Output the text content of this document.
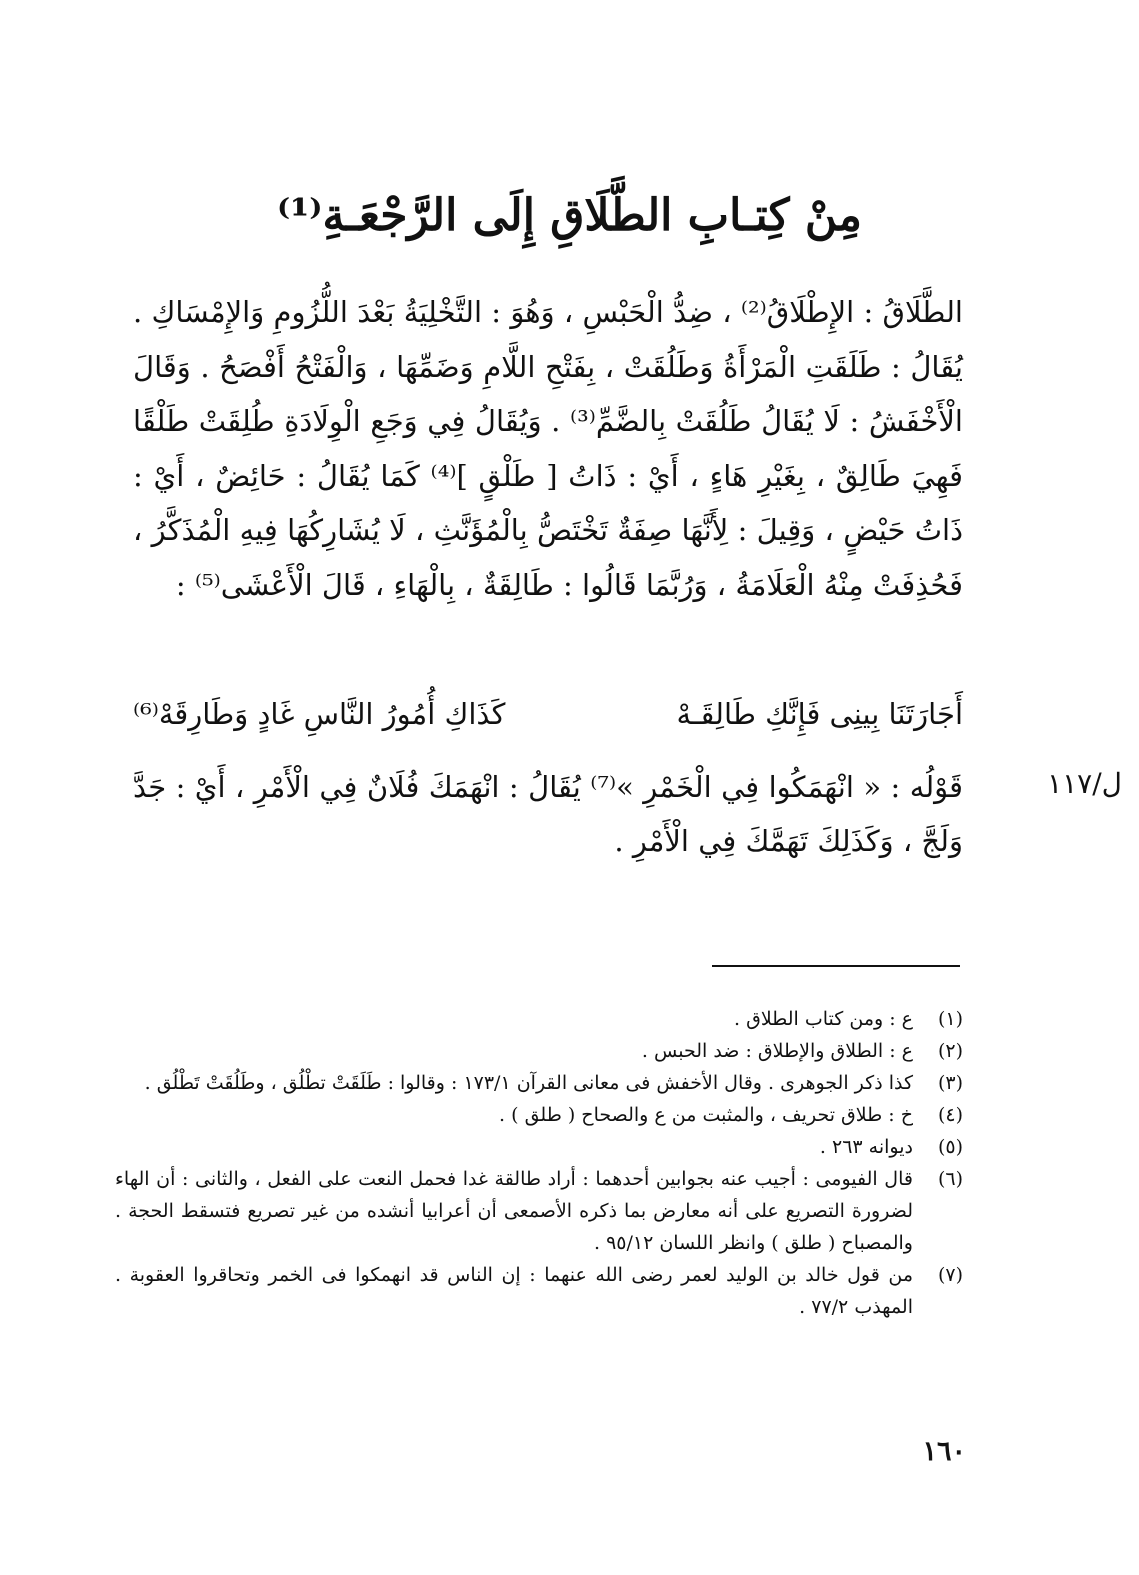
مِنْ كِتـابِ الطَّلَاقِ إِلَى الرَّجْعَـةِ⁽¹⁾

الطَّلَاقُ : الإِطْلَاقُ⁽²⁾ ، ضِدُّ الْحَبْسِ ، وَهُوَ : التَّخْلِيَةُ بَعْدَ اللُّزُومِ وَالإِمْسَاكِ . يُقَالُ : طَلَقَتِ الْمَرْأَةُ وَطَلُقَتْ ، بِفَتْحِ اللَّامِ وَضَمِّهَا ، وَالْفَتْحُ أَفْصَحُ . وَقَالَ الْأَخْفَشُ : لَا يُقَالُ طَلُقَتْ بِالضَّمِّ⁽³⁾ . وَيُقَالُ فِي وَجَعِ الْوِلَادَةِ طُلِقَتْ طَلْقًا فَهِيَ طَالِقٌ ، بِغَيْرِ هَاءٍ ، أَيْ : ذَاتُ [ طَلْقٍ ]⁽⁴⁾ كَمَا يُقَالُ : حَائِضٌ ، أَيْ : ذَاتُ حَيْضٍ ، وَقِيلَ : لِأَنَّهَا صِفَةٌ تَخْتَصُّ بِالْمُؤَنَّثِ ، لَا يُشَارِكُهَا فِيهِ الْمُذَكَّرُ ، فَحُذِفَتْ مِنْهُ الْعَلَامَةُ ، وَرُبَّمَا قَالُوا : طَالِقَةٌ ، بِالْهَاءِ ، قَالَ الْأَعْشَى⁽⁵⁾ :

أَجَارَتَنَا بِينِى فَإِنَّكِ طَالِقَـهْ
كَذَاكِ أُمُورُ النَّاسِ غَادٍ وَطَارِقَهْ⁽⁶⁾
ل/١١٧

قَوْلُه : « انْهَمَكُوا فِي الْخَمْرِ »⁽⁷⁾ يُقَالُ : انْهَمَكَ فُلَانٌ فِي الْأَمْرِ ، أَيْ : جَدَّ وَلَجَّ ، وَكَذَلِكَ تَهَمَّكَ فِي الْأَمْرِ .

(١)
ع : ومن كتاب الطلاق .
(٢)
ع : الطلاق والإطلاق : ضد الحبس .
(٣)
كذا ذكر الجوهرى . وقال الأخفش فى معانى القرآن ١٧٣/١ : وقالوا : طَلَقَتْ تطْلُق ، وطَلُقَتْ تَطْلُق .
(٤)
خ : طلاق تحريف ، والمثبت من ع والصحاح ( طلق ) .
(٥)
ديوانه ٢٦٣ .
(٦)
قال الفيومى : أجيب عنه بجوابين أحدهما : أراد طالقة غدا فحمل النعت على الفعل ، والثانى : أن الهاء لضرورة التصريع على أنه معارض بما ذكره الأصمعى أن أعرابيا أنشده من غير تصريع فتسقط الحجة . والمصباح ( طلق ) وانظر اللسان ٩٥/١٢ .
(٧)
من قول خالد بن الوليد لعمر رضى الله عنهما : إن الناس قد انهمكوا فى الخمر وتحاقروا العقوبة . المهذب ٧٧/٢ .
١٦٠
